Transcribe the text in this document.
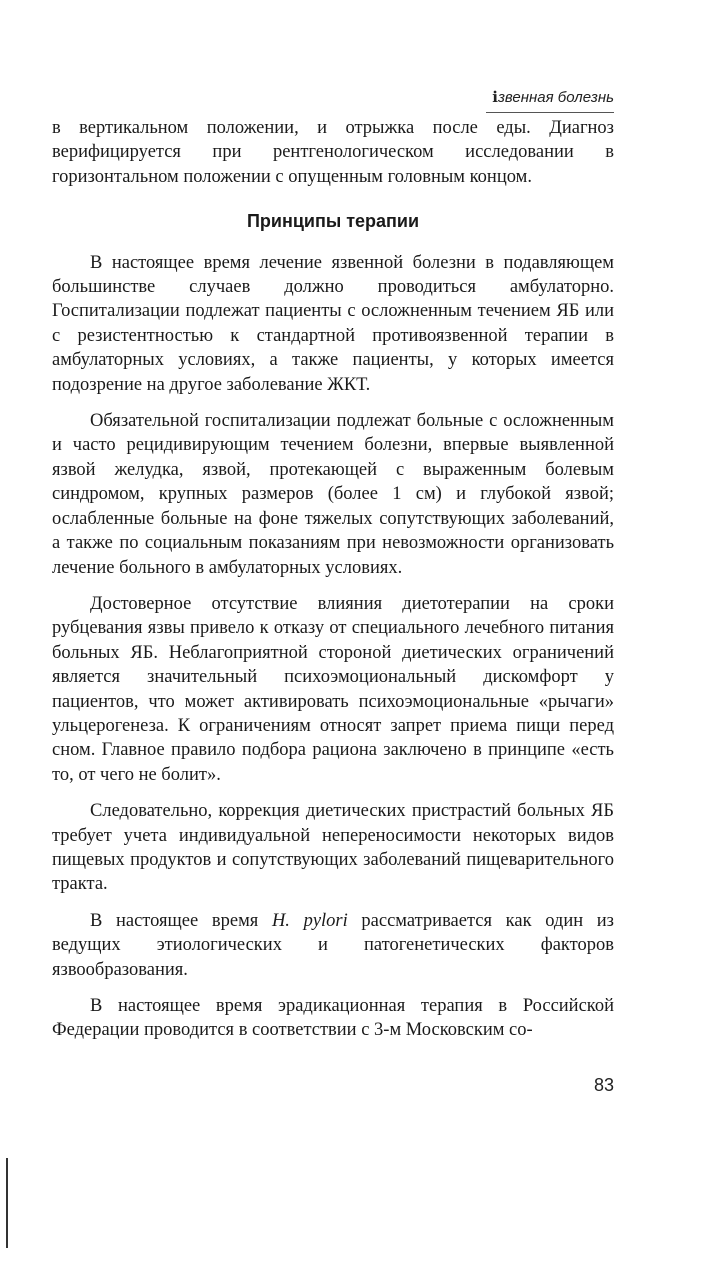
ℹзвенная болезнь

в вертикальном положении, и отрыжка после еды. Диагноз верифицируется при рентгенологическом исследовании в горизонтальном положении с опущенным головным концом.

Принципы терапии

В настоящее время лечение язвенной болезни в подавляющем большинстве случаев должно проводиться амбулаторно. Госпитализации подлежат пациенты с осложненным течением ЯБ или с резистентностью к стандартной противоязвенной терапии в амбулаторных условиях, а также пациенты, у которых имеется подозрение на другое заболевание ЖКТ.

Обязательной госпитализации подлежат больные с осложненным и часто рецидивирующим течением болезни, впервые выявленной язвой желудка, язвой, протекающей с выраженным болевым синдромом, крупных размеров (более 1 см) и глубокой язвой; ослабленные больные на фоне тяжелых сопутствующих заболеваний, а также по социальным показаниям при невозможности организовать лечение больного в амбулаторных условиях.

Достоверное отсутствие влияния диетотерапии на сроки рубцевания язвы привело к отказу от специального лечебного питания больных ЯБ. Неблагоприятной стороной диетических ограничений является значительный психоэмоциональный дискомфорт у пациентов, что может активировать психоэмоциональные «рычаги» ульцерогенеза. К ограничениям относят запрет приема пищи перед сном. Главное правило подбора рациона заключено в принципе «есть то, от чего не болит».

Следовательно, коррекция диетических пристрастий больных ЯБ требует учета индивидуальной непереносимости некоторых видов пищевых продуктов и сопутствующих заболеваний пищеварительного тракта.

В настоящее время H. pylori рассматривается как один из ведущих этиологических и патогенетических факторов язвообразования.

В настоящее время эрадикационная терапия в Российской Федерации проводится в соответствии с 3-м Московским со-

83
